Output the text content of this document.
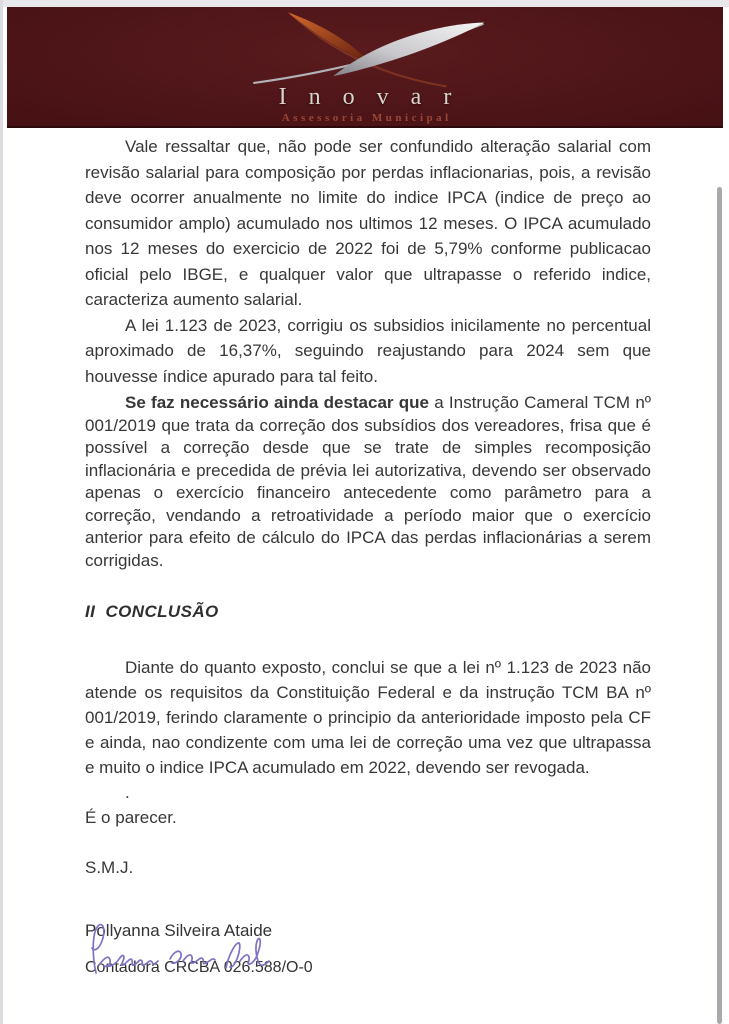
Inovar
Assessoria Municipal

Vale ressaltar que, não pode ser confundido alteração salarial com revisão salarial para composição por perdas inflacionarias, pois, a revisão deve ocorrer anualmente no limite do indice IPCA (indice de preço ao consumidor amplo) acumulado nos ultimos 12 meses. O IPCA acumulado nos 12 meses do exercicio de 2022 foi de 5,79% conforme publicacao oficial pelo IBGE, e qualquer valor que ultrapasse o referido indice, caracteriza aumento salarial.

A lei 1.123 de 2023, corrigiu os subsidios inicilamente no percentual aproximado de 16,37%, seguindo reajustando para 2024 sem que houvesse índice apurado para tal feito.

Se faz necessário ainda destacar que a Instrução Cameral TCM nº 001/2019 que trata da correção dos subsídios dos vereadores, frisa que é possível a correção desde que se trate de simples recomposição inflacionária e precedida de prévia lei autorizativa, devendo ser observado apenas o exercício financeiro antecedente como parâmetro para a correção, vendando a retroatividade a período maior que o exercício anterior para efeito de cálculo do IPCA das perdas inflacionárias a serem corrigidas.

II  CONCLUSÃO

Diante do quanto exposto, conclui se que a lei nº 1.123 de 2023 não atende os requisitos da Constituição Federal e da instrução TCM BA nº 001/2019, ferindo claramente o principio da anterioridade imposto pela CF e ainda, nao condizente com uma lei de correção uma vez que ultrapassa e muito o indice IPCA acumulado em 2022, devendo ser revogada.

.

É o parecer.

S.M.J.

Pollyanna Silveira Ataide
Contadora CRCBA 026.588/O-0
